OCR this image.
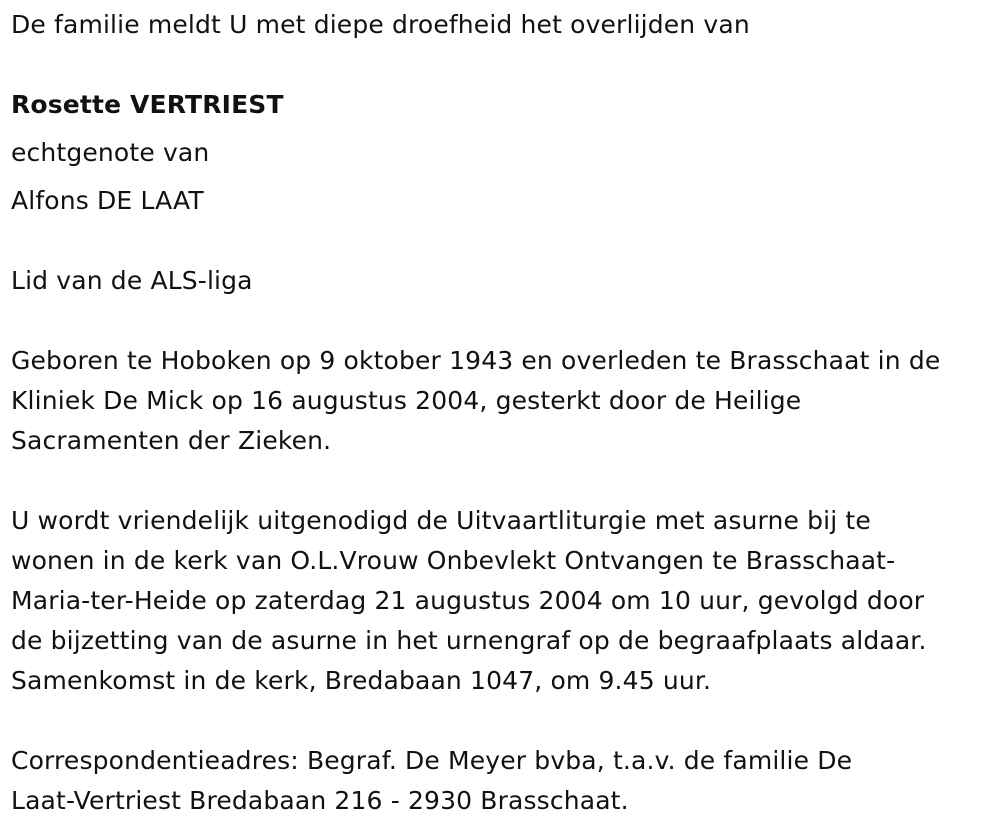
De familie meldt U met diepe droefheid het overlijden van
Rosette VERTRIEST
echtgenote van
Alfons DE LAAT
Lid van de ALS-liga
Geboren te Hoboken op 9 oktober 1943 en overleden te Brasschaat in de
Kliniek De Mick op 16 augustus 2004, gesterkt door de Heilige
Sacramenten der Zieken.
U wordt vriendelijk uitgenodigd de Uitvaartliturgie met asurne bij te
wonen in de kerk van O.L.Vrouw Onbevlekt Ontvangen te Brasschaat-
Maria-ter-Heide op zaterdag 21 augustus 2004 om 10 uur, gevolgd door
de bijzetting van de asurne in het urnengraf op de begraafplaats aldaar.
Samenkomst in de kerk, Bredabaan 1047, om 9.45 uur.
Correspondentieadres: Begraf. De Meyer bvba, t.a.v. de familie De
Laat-Vertriest Bredabaan 216 - 2930 Brasschaat.
